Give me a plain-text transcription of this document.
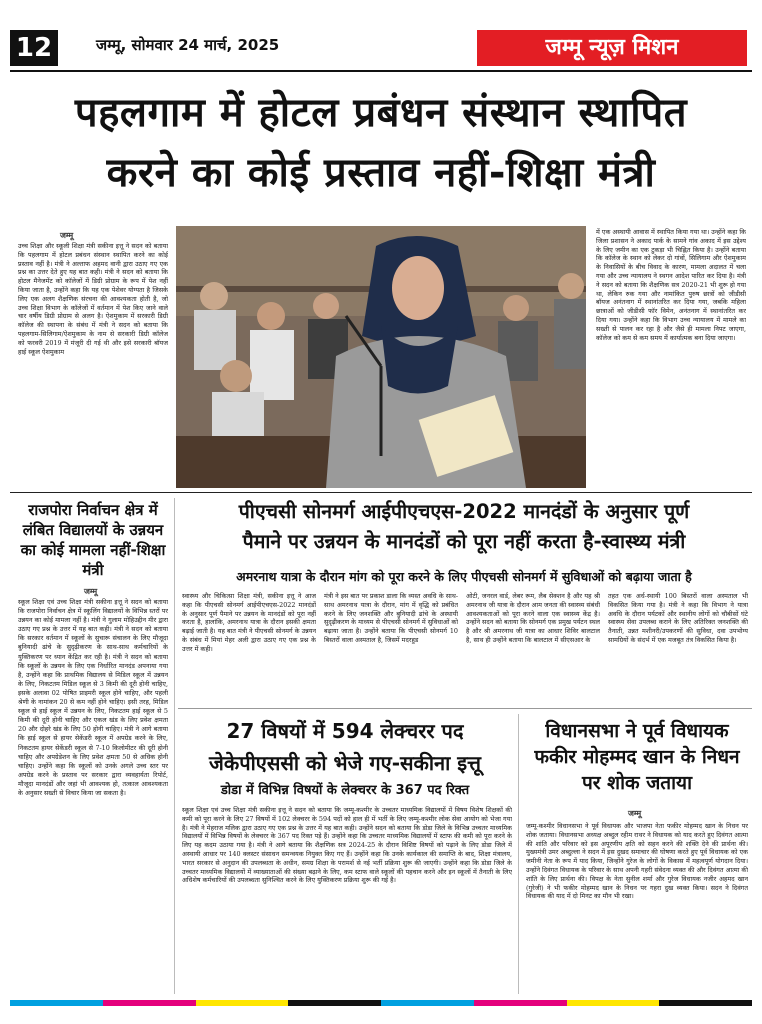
12	जम्मू, सोमवार 24 मार्च, 2025	जम्मू न्यूज़ मिशन
पहलगाम में होटल प्रबंधन संस्थान स्थापित
करने का कोई प्रस्ताव नहीं-शिक्षा मंत्री
जम्मू
उच्च शिक्षा और स्कूली शिक्षा मंत्री सकीना इत्तू ने सदन को बताया कि पहलगाम में होटल प्रबंधन संस्थान स्थापित करने का कोई प्रस्ताव नहीं है। मंत्री ने अल्ताफ अहमद वानी द्वारा उठाए गए एक प्रश्न का उत्तर देते हुए यह बात कही। मंत्री ने सदन को बताया कि होटल मैनेजमेंट को कॉलेजों में डिग्री प्रोग्राम के रूप में पेश नहीं किया जाता है, उन्होंने कहा कि यह एक पेशेवर योग्यता है जिसके लिए एक अलग शैक्षणिक संरचना की आवश्यकता होती है, जो उच्च शिक्षा विभाग के कॉलेजों में वर्तमान में पेश किए जाने वाले चार वर्षीय डिग्री प्रोग्राम से अलग है। ऐशमुकाम में सरकारी डिग्री कॉलेज की स्थापना के संबंध में मंत्री ने सदन को बताया कि पहलगाम-सिलिगाम/ऐशमुकाम के नाम से सरकारी डिग्री कॉलेज को फरवरी 2019 में मंजूरी दी गई थी और इसे सरकारी बॉयज हाई स्कूल ऐशमुकाम
में एक अस्थायी आवास में स्थापित किया गया था। उन्होंने कहा कि जिला प्रशासन ने अकाद पार्क के सामने गांव अकाद में इस उद्देश्य के लिए जमीन का एक टुकड़ा भी चिह्नित किया है। उन्होंने बताया कि कॉलेज के स्थान को लेकर दो गांवों, सिलिगाम और ऐशमुकाम के निवासियों के बीच विवाद के कारण, मामला अदालत में चला गया और उच्च न्यायालय ने स्थगन आदेश पारित कर दिया है। मंत्री ने सदन को बताया कि शैक्षणिक सत्र 2020-21 भी शुरू हो गया था, लेकिन रुक गया और नामांकित पुरुष छात्रों को जीडीसी बॉयज अनंतनाग में स्थानांतरित कर दिया गया, जबकि महिला छात्राओं को जीडीसी फॉर विमेन, अनंतनाग में स्थानांतरित कर दिया गया। उन्होंने कहा कि विभाग उच्च न्यायालय में मामले का सख्ती से पालन कर रहा है और जैसे ही मामला निपट जाएगा, कॉलेज को कम से कम समय में कार्यात्मक बना दिया जाएगा।
राजपोरा निर्वाचन क्षेत्र में लंबित विद्यालयों के उन्नयन का कोई मामला नहीं-शिक्षा मंत्री
जम्मू
स्कूल शिक्षा एवं उच्च शिक्षा मंत्री सकीना इत्तू ने सदन को बताया कि राजपोरा निर्वाचन क्षेत्र में स्कूलिंग विद्यालयों के विभिन्न स्तरों पर उन्नयन का कोई मामला नहीं है। मंत्री ने गुलाम मोहिउद्दीन मीर द्वारा उठाए गए प्रश्न के उत्तर में यह बात कही। मंत्री ने सदन को बताया कि सरकार वर्तमान में स्कूलों के सुचारू संचालन के लिए मौजूदा बुनियादी ढांचे के सुदृढ़ीकरण के साथ-साथ कर्मचारियों के युक्तिकरण पर ध्यान केंद्रित कर रही है। मंत्री ने सदन को बताया कि स्कूलों के उन्नयन के लिए एक निर्धारित मानदंड अपनाया गया है, उन्होंने कहा कि प्राथमिक विद्यालय से मिडिल स्कूल में उन्नयन के लिए, निकटतम मिडिल स्कूल से 3 किमी की दूरी होनी चाहिए, इसके अलावा 02 पोषित प्राइमरी स्कूल होने चाहिए, और पहली श्रेणी के नामांकन 20 से कम नहीं होने चाहिए। इसी तरह, मिडिल स्कूल से हाई स्कूल में उन्नयन के लिए, निकटतम हाई स्कूल से 5 किमी की दूरी होनी चाहिए और एकल खंड के लिए प्रवेश क्षमता 20 और दोहरे खंड के लिए 50 होनी चाहिए। मंत्री ने आगे बताया कि हाई स्कूल से हायर सेकेंडरी स्कूल में अपग्रेड करने के लिए, निकटतम हायर सेकेंडरी स्कूल से 7-10 किलोमीटर की दूरी होनी चाहिए और अपग्रेडेशन के लिए प्रवेश क्षमता 50 से अधिक होनी चाहिए। उन्होंने कहा कि स्कूलों को उनके अगले उच्च स्तर पर अपग्रेड करने के प्रस्ताव पर सरकार द्वारा व्यवहार्यता रिपोर्ट, मौजूदा मानदंडों और जहां भी आवश्यक हो, तत्काल आवश्यकता के अनुसार सख्ती से विचार किया जा सकता है।
पीएचसी सोनमर्ग आईपीएचएस-2022 मानदंडों के अनुसार पूर्ण
पैमाने पर उन्नयन के मानदंडों को पूरा नहीं करता है-स्वास्थ्य मंत्री
अमरनाथ यात्रा के दौरान मांग को पूरा करने के लिए पीएचसी सोनमर्ग में सुविधाओं को बढ़ाया जाता है
स्वास्थ्य और चिकित्सा शिक्षा मंत्री, सकीना इत्तू ने आज कहा कि पीएचसी सोनमर्ग आईपीएचएस-2022 मानदंडों के अनुसार पूर्ण पैमाने पर उन्नयन के मानदंडों को पूरा नहीं करता है, हालांकि, अमरनाथ यात्रा के दौरान इसकी क्षमता बढ़ाई जाती है। यह बात मंत्री ने पीएचसी सोनमर्ग के उन्नयन के संबंध में मियां मेहर अली द्वारा उठाए गए एक प्रश्न के उत्तर में कही।
मंत्री ने इस बात पर प्रकाश डाला कि व्यस्त अवधि के साथ-साथ अमरनाथ यात्रा के दौरान, मांग में वृद्धि को प्रबंधित करने के लिए जनशक्ति और बुनियादी ढांचे के अस्थायी सुदृढ़ीकरण के माध्यम से पीएचसी सोनमर्ग में सुविधाओं को बढ़ाया जाता है। उन्होंने बताया कि पीएचसी सोनमर्ग 10 बिस्तरों वाला अस्पताल है, जिसमें मदरहुड
ओटी, जनरल वार्ड, लेबर रूम, लैब सेक्शन है और यह श्री अमरनाथ जी यात्रा के दौरान आम जनता की स्वास्थ्य संबंधी आवश्यकताओं को पूरा करने वाला एक स्वास्थ्य केंद्र है। उन्होंने सदन को बताया कि सोनमर्ग एक प्रमुख पर्यटन स्थल है और श्री अमरनाथ जी यात्रा का आधार शिविर बालटाल है, साथ ही उन्होंने बताया कि बालटाल में सीएसआर के
तहत एक अर्ध-स्थायी 100 बिस्तरों वाला अस्पताल भी विकसित किया गया है। मंत्री ने कहा कि विभाग ने यात्रा अवधि के दौरान पर्यटकों और स्थानीय लोगों को चौबीसों घंटे स्वास्थ्य सेवा उपलब्ध कराने के लिए अतिरिक्त जनशक्ति की तैनाती, उन्नत मशीनरी/उपकरणों की सुविधा, दवा उपभोग्य सामग्रियों के संदर्भ में एक मजबूत तंत्र विकसित किया है।
27 विषयों में 594 लेक्चरर पद
जेकेपीएससी को भेजे गए-सकीना इत्तू
डोडा में विभिन्न विषयों के लेक्चरर के 367 पद रिक्त
स्कूल शिक्षा एवं उच्च शिक्षा मंत्री सकीना इत्तू ने सदन को बताया कि जम्मू-कश्मीर के उच्चतर माध्यमिक विद्यालयों में विषय विशेष शिक्षकों की कमी को पूरा करने के लिए 27 विषयों में 102 लेक्चरर के 594 पदों को हाल ही में भर्ती के लिए जम्मू-कश्मीर लोक सेवा आयोग को भेजा गया है। मंत्री ने मेहराज मलिक द्वारा उठाए गए एक प्रश्न के उत्तर में यह बात कही। उन्होंने सदन को बताया कि डोडा जिले के विभिन्न उच्चतर माध्यमिक विद्यालयों में विभिन्न विषयों के लेक्चरर के 367 पद रिक्त पड़े हैं। उन्होंने कहा कि उच्चतर माध्यमिक विद्यालयों में स्टाफ की कमी को पूरा करने के लिए यह कदम उठाया गया है। मंत्री ने आगे बताया कि शैक्षणिक सत्र 2024-25 के दौरान विशिष्ट विषयों को पढ़ाने के लिए डोडा जिले में अस्थायी आधार पर 140 क्लस्टर संसाधन समन्वयक नियुक्त किए गए हैं। उन्होंने कहा कि उनके कार्यकाल की समाप्ति के बाद, शिक्षा मंत्रालय, भारत सरकार से अनुदान की उपलब्धता के अधीन, समग्र शिक्षा के परामर्श से नई भर्ती प्रक्रिया शुरू की जाएगी। उन्होंने कहा कि डोडा जिले के उच्चतर माध्यमिक विद्यालयों में व्याख्याताओं की संख्या बढ़ाने के लिए, कम स्टाफ वाले स्कूलों की पहचान करने और इन स्कूलों में तैनाती के लिए अधिशेष कर्मचारियों की उपलब्धता सुनिश्चित करने के लिए युक्तिकरण प्रक्रिया शुरू की गई है।
विधानसभा ने पूर्व विधायक फकीर मोहम्मद खान के निधन पर शोक जताया
जम्मू
जम्मू-कश्मीर विधानसभा ने पूर्व विधायक और भाजपा नेता फकीर मोहम्मद खान के निधन पर शोक जताया। विधानसभा अध्यक्ष अब्दुल रहीम राथर ने विधायक को याद करते हुए दिवंगत आत्मा की शांति और परिवार को इस अपूरणीय क्षति को सहन करने की शक्ति देने की प्रार्थना की। मुख्यमंत्री उमर अब्दुल्ला ने सदन में इस दुखद समाचार की घोषणा करते हुए पूर्व विधायक को एक जमीनी नेता के रूप में याद किया, जिन्होंने गुरेज के लोगों के विकास में महत्वपूर्ण योगदान दिया। उन्होंने दिवंगत विधायक के परिवार के साथ अपनी गहरी संवेदना व्यक्त की और दिवंगत आत्मा की शांति के लिए प्रार्थना की। विपक्ष के नेता सुनील शर्मा और गुरेज विधायक नजीर अहमद खान (गुरेजी) ने भी फकीर मोहम्मद खान के निधन पर गहरा दुख व्यक्त किया। सदन ने दिवंगत विधायक की याद में दो मिनट का मौन भी रखा।
